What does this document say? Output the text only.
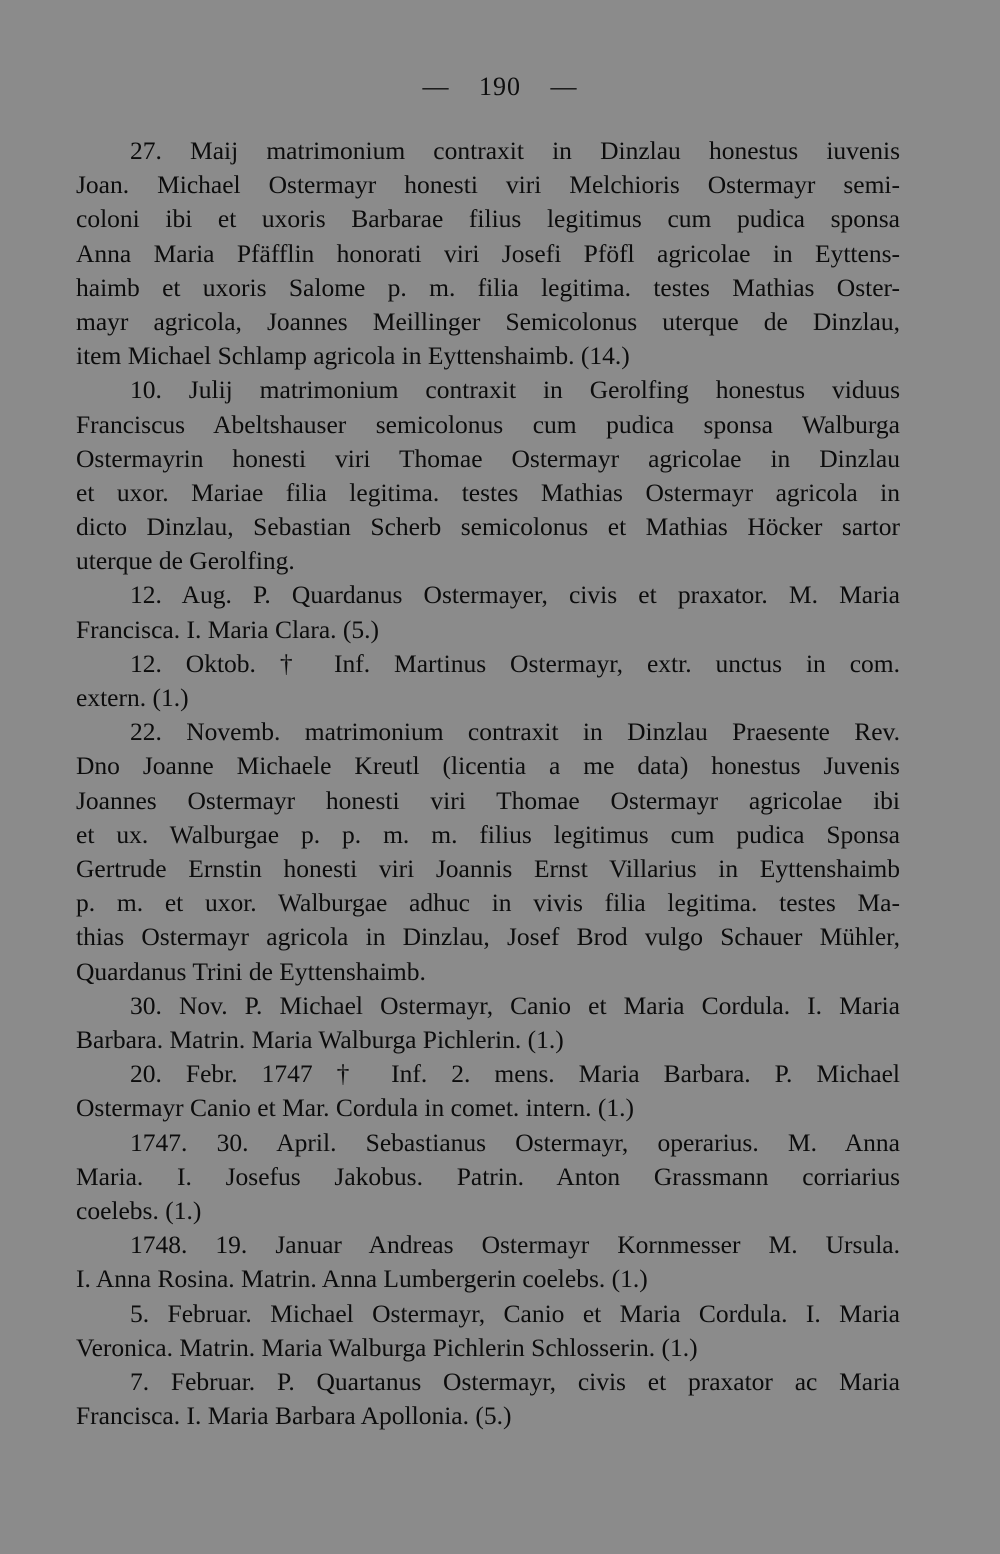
— 190 —
27. Maij matrimonium contraxit in Dinzlau honestus iuvenis
Joan. Michael Ostermayr honesti viri Melchioris Ostermayr semi-
coloni ibi et uxoris Barbarae filius legitimus cum pudica sponsa
Anna Maria Pfäfflin honorati viri Josefi Pföfl agricolae in Eyttens-
haimb et uxoris Salome p. m. filia legitima. testes Mathias Oster-
mayr agricola, Joannes Meillinger Semicolonus uterque de Dinzlau,
item Michael Schlamp agricola in Eyttenshaimb. (14.)
10. Julij matrimonium contraxit in Gerolfing honestus viduus
Franciscus Abeltshauser semicolonus cum pudica sponsa Walburga
Ostermayrin honesti viri Thomae Ostermayr agricolae in Dinzlau
et uxor. Mariae filia legitima. testes Mathias Ostermayr agricola in
dicto Dinzlau, Sebastian Scherb semicolonus et Mathias Höcker sartor
uterque de Gerolfing.
12. Aug. P. Quardanus Ostermayer, civis et praxator. M. Maria
Francisca. I. Maria Clara. (5.)
12. Oktob. † Inf. Martinus Ostermayr, extr. unctus in com.
extern. (1.)
22. Novemb. matrimonium contraxit in Dinzlau Praesente Rev.
Dno Joanne Michaele Kreutl (licentia a me data) honestus Juvenis
Joannes Ostermayr honesti viri Thomae Ostermayr agricolae ibi
et ux. Walburgae p. p. m. m. filius legitimus cum pudica Sponsa
Gertrude Ernstin honesti viri Joannis Ernst Villarius in Eyttenshaimb
p. m. et uxor. Walburgae adhuc in vivis filia legitima. testes Ma-
thias Ostermayr agricola in Dinzlau, Josef Brod vulgo Schauer Mühler,
Quardanus Trini de Eyttenshaimb.
30. Nov. P. Michael Ostermayr, Canio et Maria Cordula. I. Maria
Barbara. Matrin. Maria Walburga Pichlerin. (1.)
20. Febr. 1747 † Inf. 2. mens. Maria Barbara. P. Michael
Ostermayr Canio et Mar. Cordula in comet. intern. (1.)
1747. 30. April. Sebastianus Ostermayr, operarius. M. Anna
Maria. I. Josefus Jakobus. Patrin. Anton Grassmann corriarius
coelebs. (1.)
1748. 19. Januar Andreas Ostermayr Kornmesser M. Ursula.
I. Anna Rosina. Matrin. Anna Lumbergerin coelebs. (1.)
5. Februar. Michael Ostermayr, Canio et Maria Cordula. I. Maria
Veronica. Matrin. Maria Walburga Pichlerin Schlosserin. (1.)
7. Februar. P. Quartanus Ostermayr, civis et praxator ac Maria
Francisca. I. Maria Barbara Apollonia. (5.)
